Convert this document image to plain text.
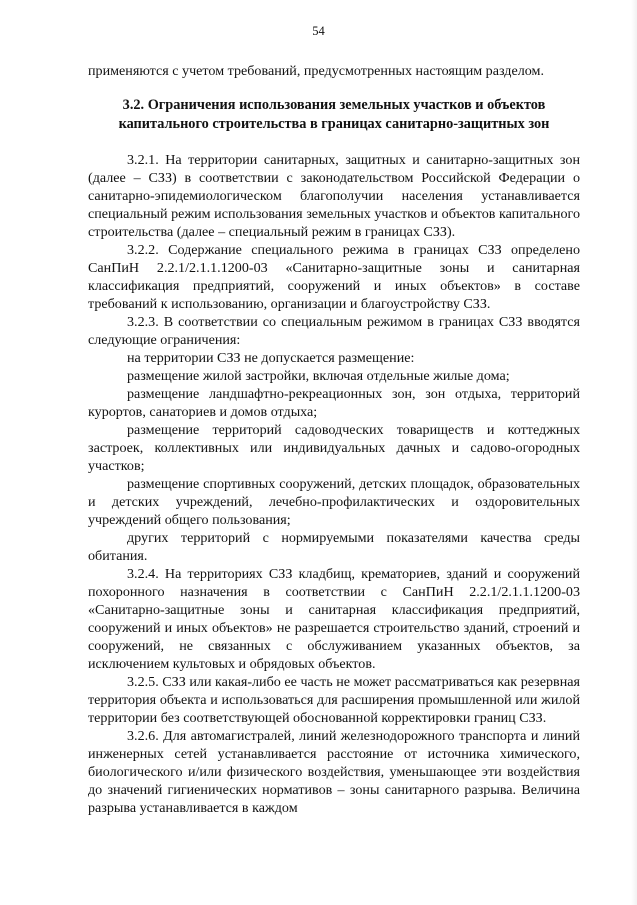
54

применяются с учетом требований, предусмотренных настоящим разделом.

3.2. Ограничения использования земельных участков и объектов
капитального строительства в границах санитарно-защитных зон

3.2.1. На территории санитарных, защитных и санитарно-защитных зон (далее – СЗЗ) в соответствии с законодательством Российской Федерации о санитарно-эпидемиологическом благополучии населения устанавливается специальный режим использования земельных участков и объектов капитального строительства (далее – специальный режим в границах СЗЗ).

3.2.2. Содержание специального режима в границах СЗЗ определено СанПиН 2.2.1/2.1.1.1200-03 «Санитарно-защитные зоны и санитарная классификация предприятий, сооружений и иных объектов» в составе требований к использованию, организации и благоустройству СЗЗ.

3.2.3. В соответствии со специальным режимом в границах СЗЗ вводятся следующие ограничения:

на территории СЗЗ не допускается размещение:

размещение жилой застройки, включая отдельные жилые дома;

размещение ландшафтно-рекреационных зон, зон отдыха, территорий курортов, санаториев и домов отдыха;

размещение территорий садоводческих товариществ и коттеджных застроек, коллективных или индивидуальных дачных и садово-огородных участков;

размещение спортивных сооружений, детских площадок, образовательных и детских учреждений, лечебно-профилактических и оздоровительных учреждений общего пользования;

других территорий с нормируемыми показателями качества среды обитания.

3.2.4. На территориях СЗЗ кладбищ, крематориев, зданий и сооружений похоронного назначения в соответствии с СанПиН 2.2.1/2.1.1.1200-03 «Санитарно-защитные зоны и санитарная классификация предприятий, сооружений и иных объектов» не разрешается строительство зданий, строений и сооружений, не связанных с обслуживанием указанных объектов, за исключением культовых и обрядовых объектов.

3.2.5. СЗЗ или какая-либо ее часть не может рассматриваться как резервная территория объекта и использоваться для расширения промышленной или жилой территории без соответствующей обоснованной корректировки границ СЗЗ.

3.2.6. Для автомагистралей, линий железнодорожного транспорта и линий инженерных сетей устанавливается расстояние от источника химического, биологического и/или физического воздействия, уменьшающее эти воздействия до значений гигиенических нормативов – зоны санитарного разрыва. Величина разрыва устанавливается в каждом
